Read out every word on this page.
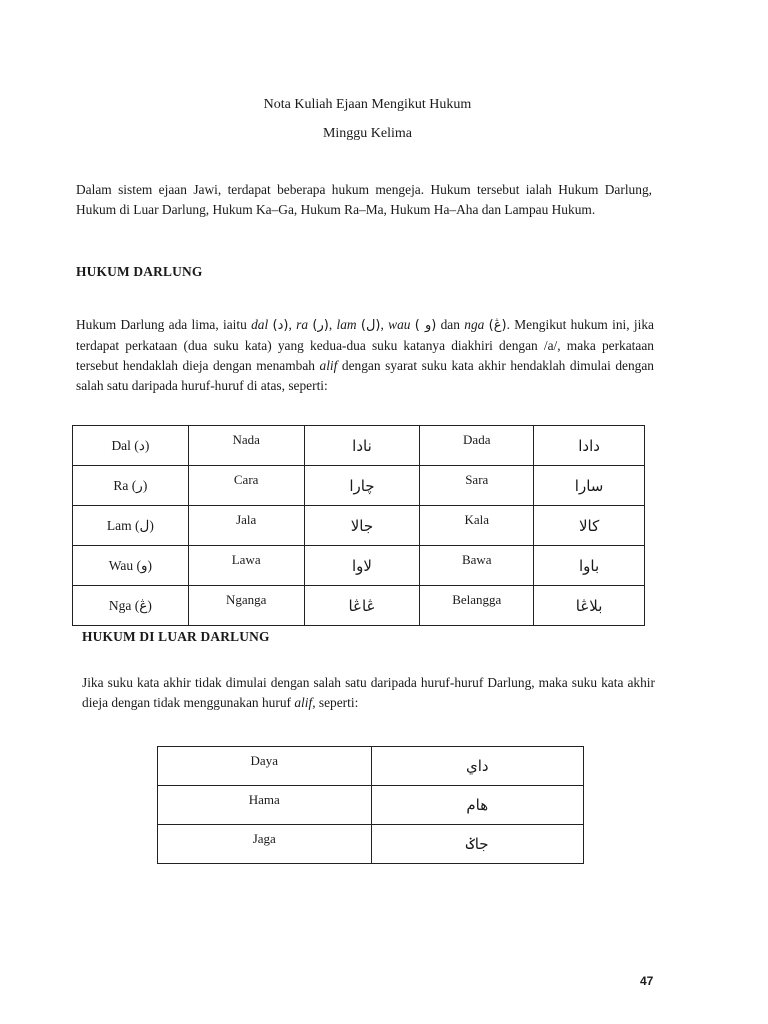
Nota Kuliah Ejaan Mengikut Hukum
Minggu Kelima

Dalam sistem ejaan Jawi, terdapat beberapa hukum mengeja. Hukum tersebut ialah Hukum Darlung, Hukum di Luar Darlung, Hukum Ka–Ga, Hukum Ra–Ma, Hukum Ha–Aha dan Lampau Hukum.

HUKUM DARLUNG

Hukum Darlung ada lima, iaitu dal (د), ra (ر), lam (ل), wau ( و) dan nga (ڠ). Mengikut hukum ini, jika terdapat perkataan (dua suku kata) yang kedua-dua suku katanya diakhiri dengan /a/, maka perkataan tersebut hendaklah dieja dengan menambah alif dengan syarat suku kata akhir hendaklah dimulai dengan salah satu daripada huruf-huruf di atas, seperti:

Dal (د)	Nada	نادا	Dada	دادا
Ra (ر)	Cara	چارا	Sara	سارا
Lam (ل)	Jala	جالا	Kala	كالا
Wau (و)	Lawa	لاوا	Bawa	باوا
Nga (ڠ)	Nganga	ڠاڠا	Belangga	بلاڠا
HUKUM DI LUAR DARLUNG

Jika suku kata akhir tidak dimulai dengan salah satu daripada huruf-huruf Darlung, maka suku kata akhir dieja dengan tidak menggunakan huruf alif, seperti:

Daya	داي
Hama	هام
Jaga	جاݢ
47
